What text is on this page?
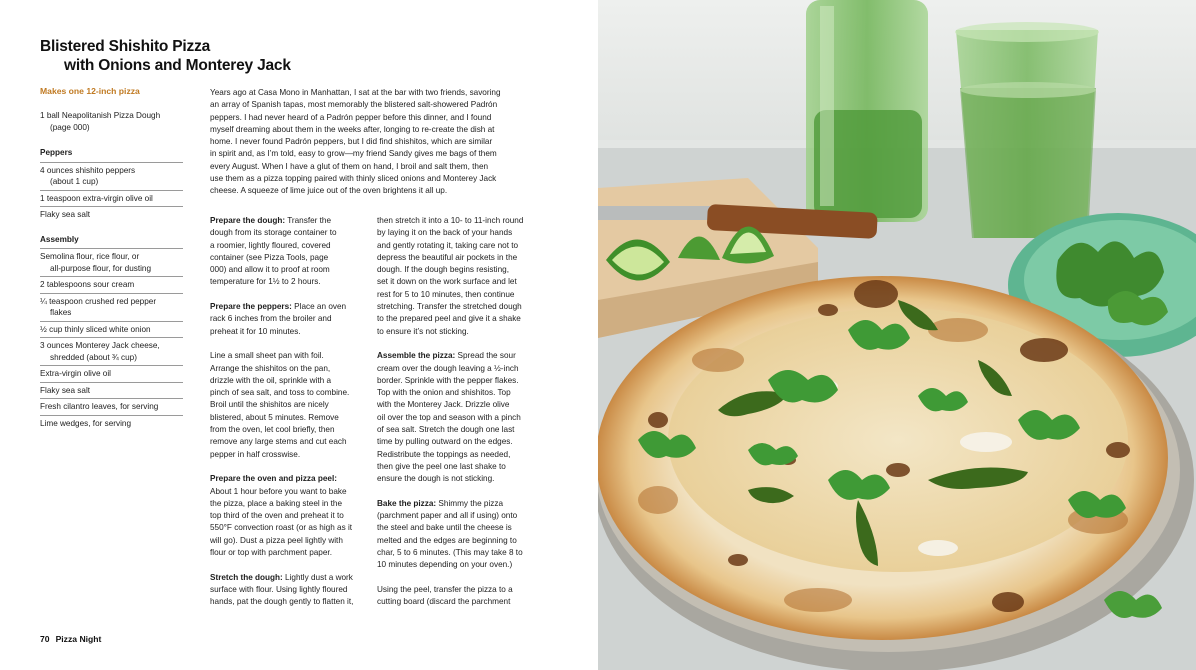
Blistered Shishito Pizza
with Onions and Monterey Jack
Makes one 12-inch pizza
1 ball Neapolitanish Pizza Dough
(page 000)
Peppers
4 ounces shishito peppers
(about 1 cup)
1 teaspoon extra-virgin olive oil
Flaky sea salt
Assembly
Semolina flour, rice flour, or
all-purpose flour, for dusting
2 tablespoons sour cream
¼ teaspoon crushed red pepper
flakes
½ cup thinly sliced white onion
3 ounces Monterey Jack cheese,
shredded (about ¾ cup)
Extra-virgin olive oil
Flaky sea salt
Fresh cilantro leaves, for serving
Lime wedges, for serving
Years ago at Casa Mono in Manhattan, I sat at the bar with two friends, savoring
an array of Spanish tapas, most memorably the blistered salt-showered Padrón
peppers. I had never heard of a Padrón pepper before this dinner, and I found
myself dreaming about them in the weeks after, longing to re-create the dish at
home. I never found Padrón peppers, but I did find shishitos, which are similar
in spirit and, as I’m told, easy to grow—my friend Sandy gives me bags of them
every August. When I have a glut of them on hand, I broil and salt them, then
use them as a pizza topping paired with thinly sliced onions and Monterey Jack
cheese. A squeeze of lime juice out of the oven brightens it all up.

Prepare the dough: Transfer the
dough from its storage container to
a roomier, lightly floured, covered
container (see Pizza Tools, page
000) and allow it to proof at room
temperature for 1½ to 2 hours.

Prepare the peppers: Place an oven
rack 6 inches from the broiler and
preheat it for 10 minutes.

Line a small sheet pan with foil.
Arrange the shishitos on the pan,
drizzle with the oil, sprinkle with a
pinch of sea salt, and toss to combine.
Broil until the shishitos are nicely
blistered, about 5 minutes. Remove
from the oven, let cool briefly, then
remove any large stems and cut each
pepper in half crosswise.

Prepare the oven and pizza peel:
About 1 hour before you want to bake
the pizza, place a baking steel in the
top third of the oven and preheat it to
550°F convection roast (or as high as it
will go). Dust a pizza peel lightly with
flour or top with parchment paper.

Stretch the dough: Lightly dust a work
surface with flour. Using lightly floured
hands, pat the dough gently to flatten it,

then stretch it into a 10- to 11-inch round
by laying it on the back of your hands
and gently rotating it, taking care not to
depress the beautiful air pockets in the
dough. If the dough begins resisting,
set it down on the work surface and let
rest for 5 to 10 minutes, then continue
stretching. Transfer the stretched dough
to the prepared peel and give it a shake
to ensure it’s not sticking.

Assemble the pizza: Spread the sour
cream over the dough leaving a ½-inch
border. Sprinkle with the pepper flakes.
Top with the onion and shishitos. Top
with the Monterey Jack. Drizzle olive
oil over the top and season with a pinch
of sea salt. Stretch the dough one last
time by pulling outward on the edges.
Redistribute the toppings as needed,
then give the peel one last shake to
ensure the dough is not sticking.

Bake the pizza: Shimmy the pizza
(parchment paper and all if using) onto
the steel and bake until the cheese is
melted and the edges are beginning to
char, 5 to 6 minutes. (This may take 8 to
10 minutes depending on your oven.)

Using the peel, transfer the pizza to a
cutting board (discard the parchment

70 Pizza Night
